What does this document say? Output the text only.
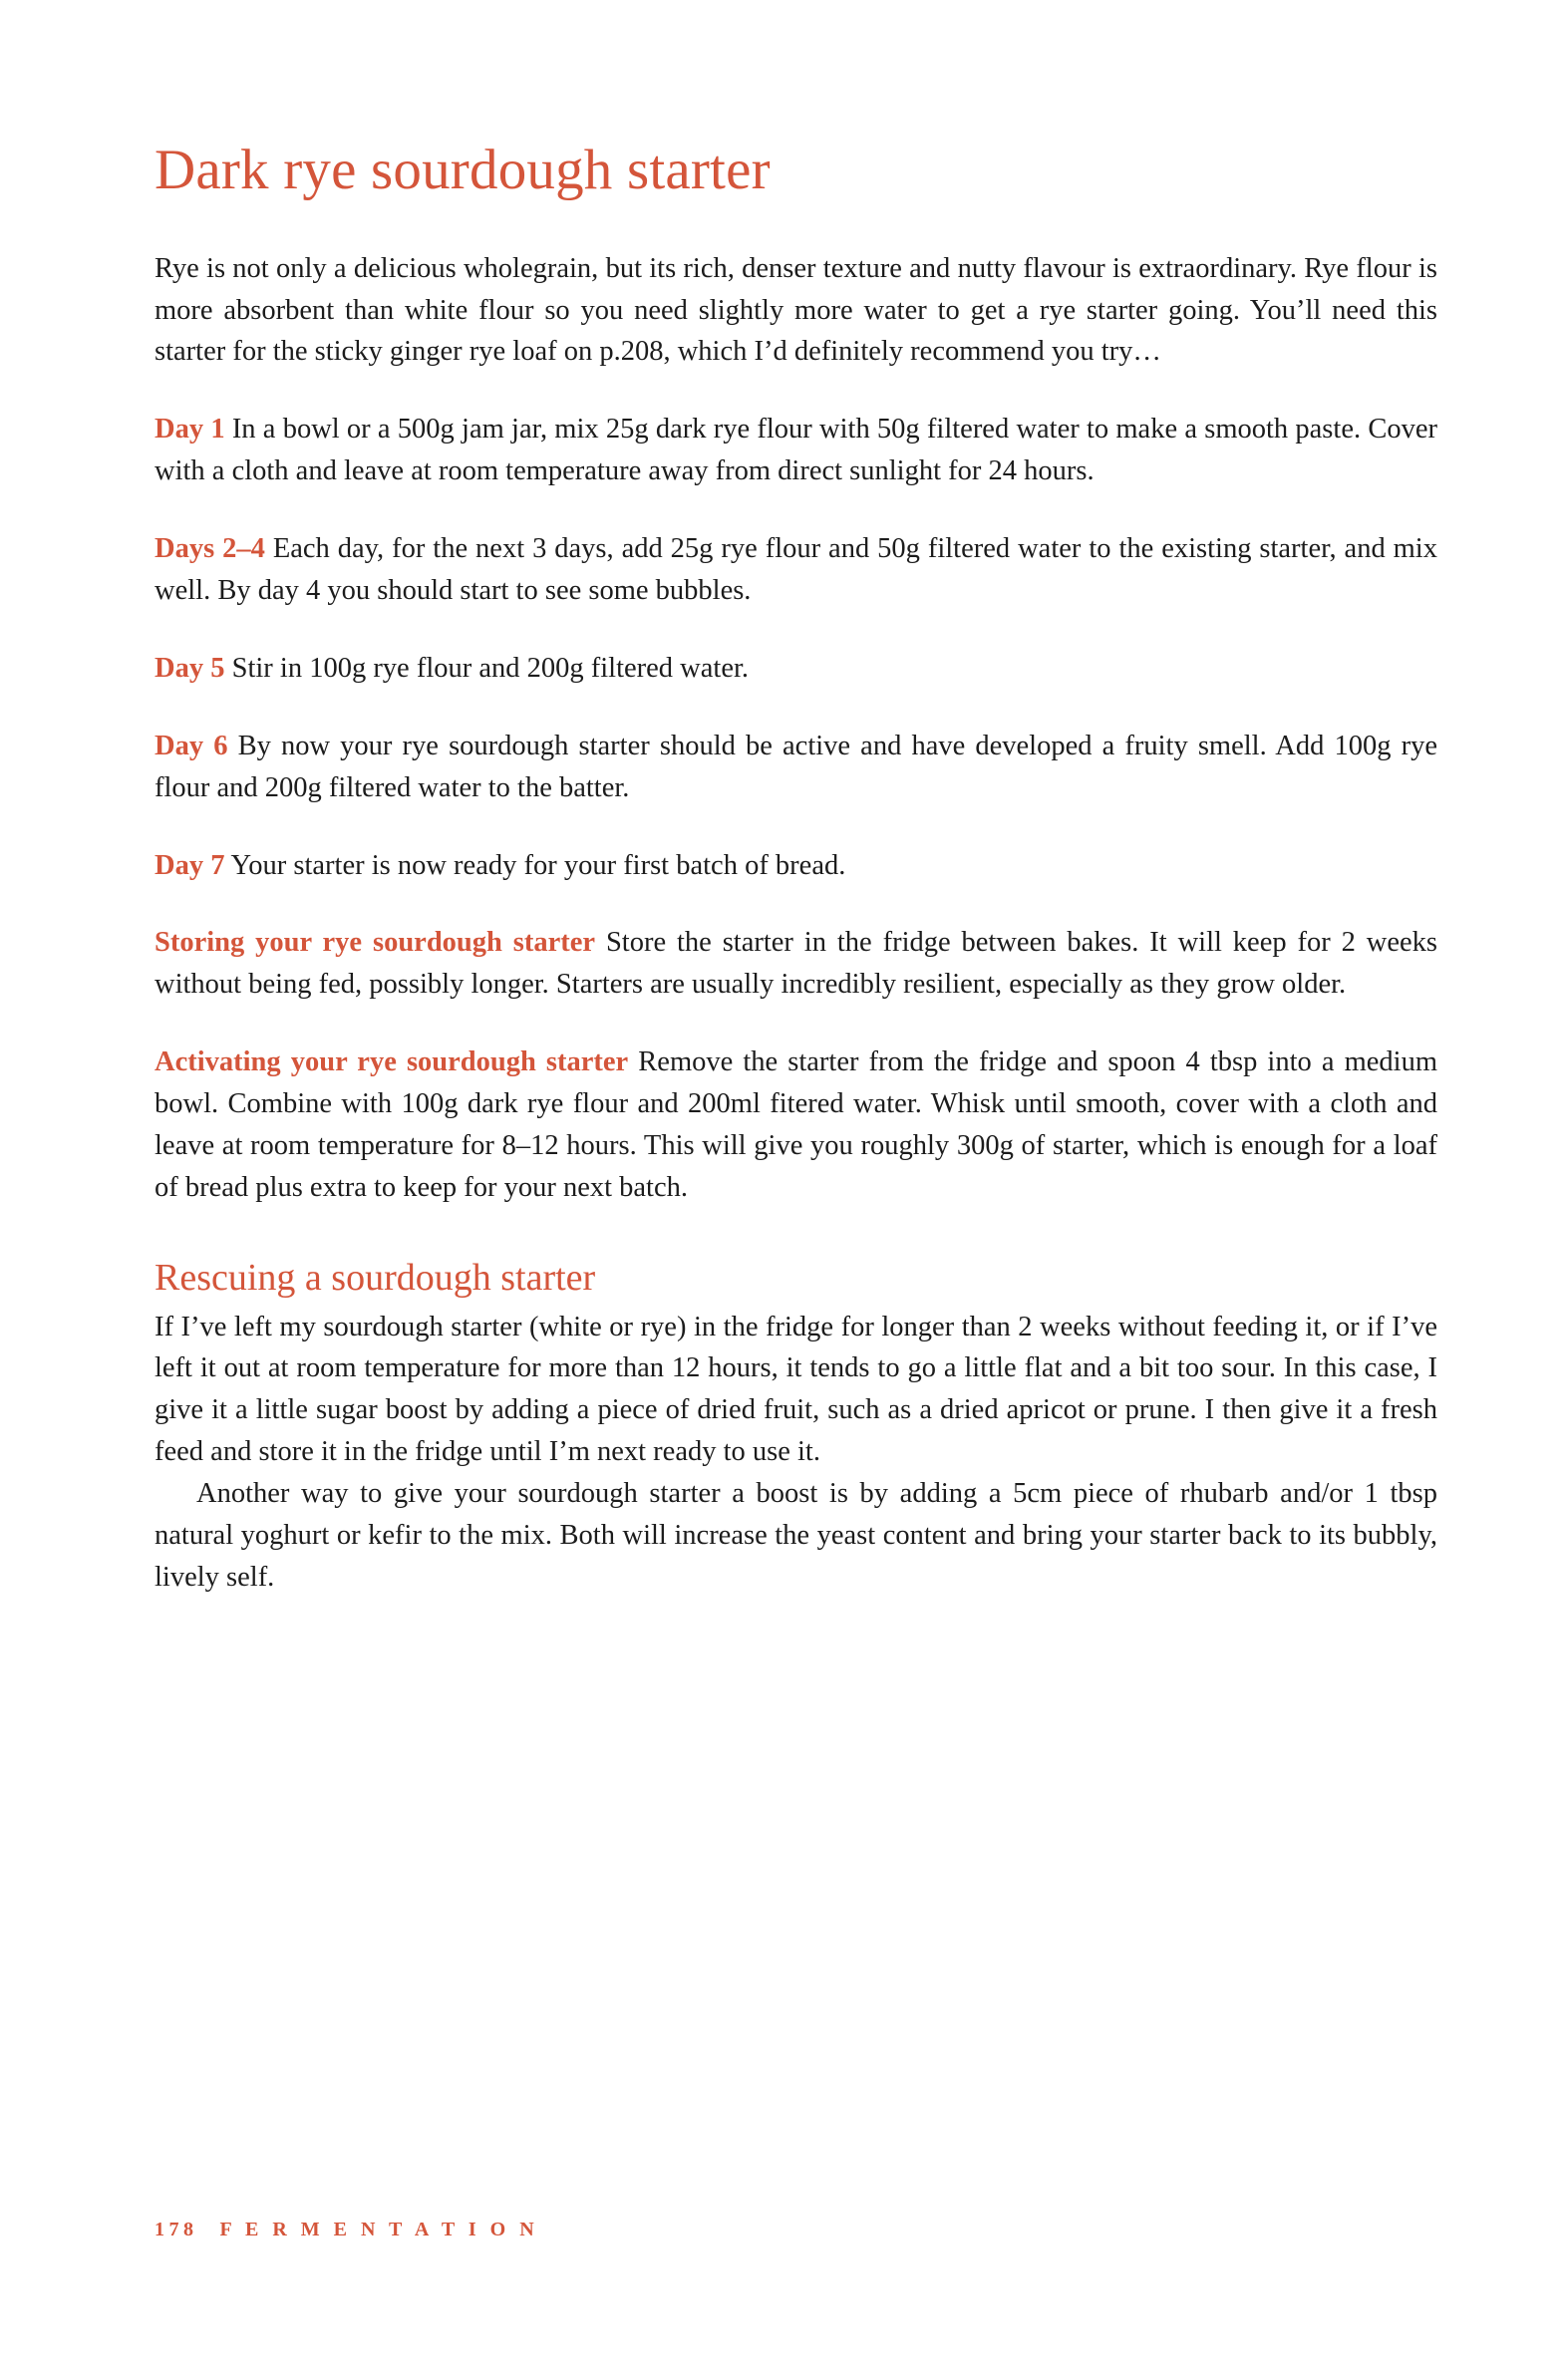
Dark rye sourdough starter

Rye is not only a delicious wholegrain, but its rich, denser texture and nutty flavour is extraordinary. Rye flour is more absorbent than white flour so you need slightly more water to get a rye starter going. You’ll need this starter for the sticky ginger rye loaf on p.208, which I’d definitely recommend you try…

Day 1 In a bowl or a 500g jam jar, mix 25g dark rye flour with 50g filtered water to make a smooth paste. Cover with a cloth and leave at room temperature away from direct sunlight for 24 hours.

Days 2–4 Each day, for the next 3 days, add 25g rye flour and 50g filtered water to the existing starter, and mix well. By day 4 you should start to see some bubbles.

Day 5 Stir in 100g rye flour and 200g filtered water.

Day 6 By now your rye sourdough starter should be active and have developed a fruity smell. Add 100g rye flour and 200g filtered water to the batter.

Day 7 Your starter is now ready for your first batch of bread.

Storing your rye sourdough starter Store the starter in the fridge between bakes. It will keep for 2 weeks without being fed, possibly longer. Starters are usually incredibly resilient, especially as they grow older.

Activating your rye sourdough starter Remove the starter from the fridge and spoon 4 tbsp into a medium bowl. Combine with 100g dark rye flour and 200ml fitered water. Whisk until smooth, cover with a cloth and leave at room temperature for 8–12 hours. This will give you roughly 300g of starter, which is enough for a loaf of bread plus extra to keep for your next batch.

Rescuing a sourdough starter

If I’ve left my sourdough starter (white or rye) in the fridge for longer than 2 weeks without feeding it, or if I’ve left it out at room temperature for more than 12 hours, it tends to go a little flat and a bit too sour. In this case, I give it a little sugar boost by adding a piece of dried fruit, such as a dried apricot or prune. I then give it a fresh feed and store it in the fridge until I’m next ready to use it.

Another way to give your sourdough starter a boost is by adding a 5cm piece of rhubarb and/or 1 tbsp natural yoghurt or kefir to the mix. Both will increase the yeast content and bring your starter back to its bubbly, lively self.

178 F E R M E N T A T I O N
